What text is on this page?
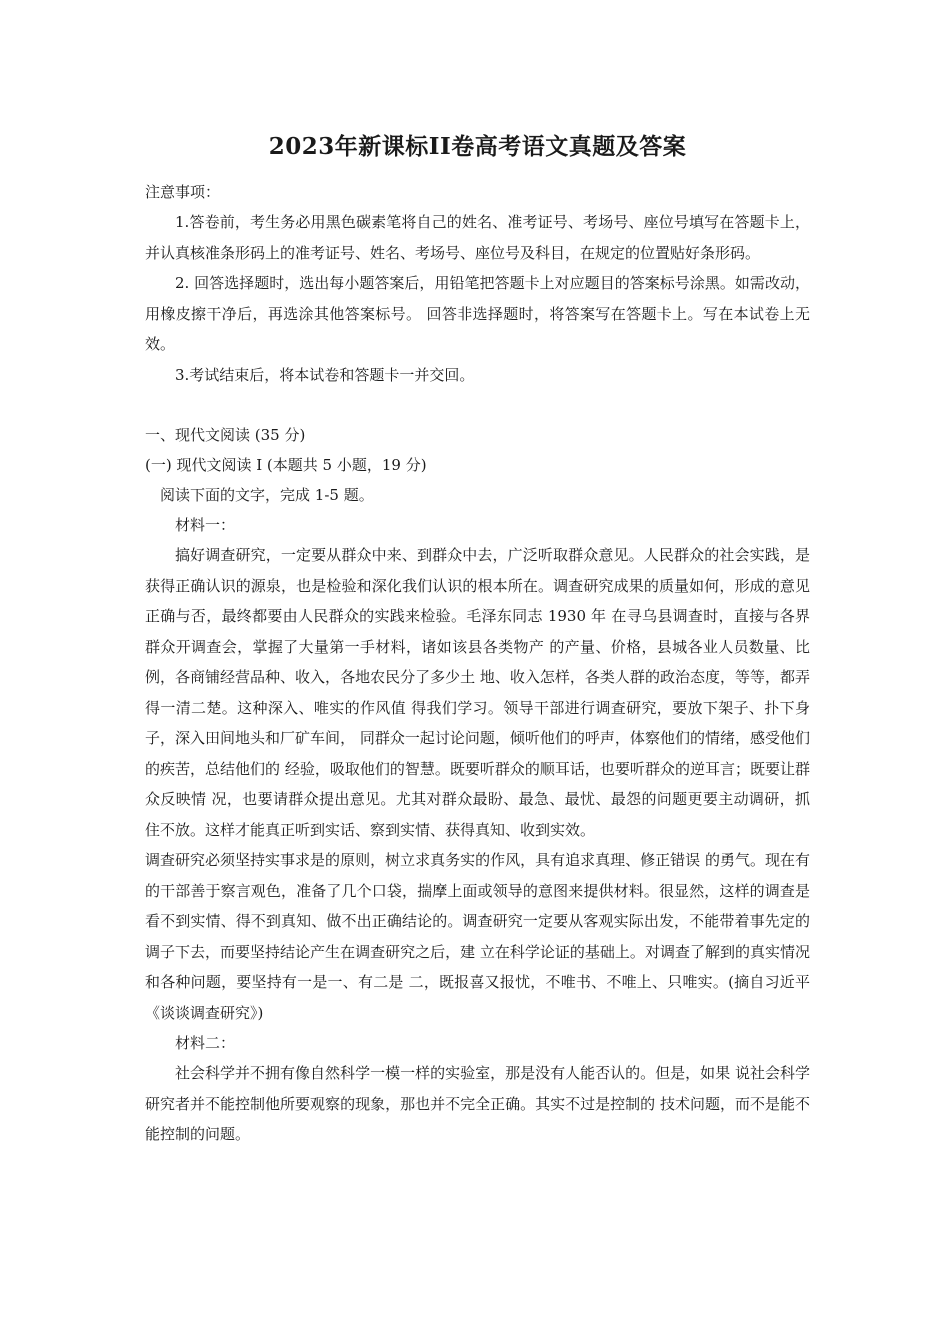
2023年新课标II卷高考语文真题及答案

注意事项：

1.答卷前，考生务必用黑色碳素笔将自己的姓名、准考证号、考场号、座位号填写在答题卡上，并认真核准条形码上的准考证号、姓名、考场号、座位号及科目，在规定的位置贴好条形码。

2. 回答选择题时，选出每小题答案后，用铅笔把答题卡上对应题目的答案标号涂黑。如需改动，用橡皮擦干净后，再选涂其他答案标号。 回答非选择题时，将答案写在答题卡上。写在本试卷上无效。

3.考试结束后，将本试卷和答题卡一并交回。

一、现代文阅读 (35 分)

(一) 现代文阅读 I (本题共 5 小题，19 分)

阅读下面的文字，完成 1-5 题。

材料一：

搞好调查研究，一定要从群众中来、到群众中去，广泛听取群众意见。人民群众的社会实践，是获得正确认识的源泉，也是检验和深化我们认识的根本所在。调查研究成果的质量如何，形成的意见正确与否，最终都要由人民群众的实践来检验。毛泽东同志 1930 年 在寻乌县调查时，直接与各界群众开调查会，掌握了大量第一手材料，诸如该县各类物产 的产量、价格，县城各业人员数量、比例，各商铺经营品种、收入，各地农民分了多少土 地、收入怎样，各类人群的政治态度，等等，都弄得一清二楚。这种深入、唯实的作风值 得我们学习。领导干部进行调查研究，要放下架子、扑下身子，深入田间地头和厂矿车间， 同群众一起讨论问题，倾听他们的呼声，体察他们的情绪，感受他们的疾苦，总结他们的 经验，吸取他们的智慧。既要听群众的顺耳话，也要听群众的逆耳言；既要让群众反映情 况，也要请群众提出意见。尤其对群众最盼、最急、最忧、最怨的问题更要主动调研，抓 住不放。这样才能真正听到实话、察到实情、获得真知、收到实效。

调查研究必须坚持实事求是的原则，树立求真务实的作风，具有追求真理、修正错误 的勇气。现在有的干部善于察言观色，准备了几个口袋，揣摩上面或领导的意图来提供材料。很显然，这样的调查是看不到实情、得不到真知、做不出正确结论的。调查研究一定要从客观实际出发，不能带着事先定的调子下去，而要坚持结论产生在调查研究之后，建 立在科学论证的基础上。对调查了解到的真实情况和各种问题，要坚持有一是一、有二是 二，既报喜又报忧，不唯书、不唯上、只唯实。(摘自习近平《谈谈调查研究》)

材料二：

社会科学并不拥有像自然科学一模一样的实验室，那是没有人能否认的。但是，如果 说社会科学研究者并不能控制他所要观察的现象，那也并不完全正确。其实不过是控制的 技术问题，而不是能不能控制的问题。
